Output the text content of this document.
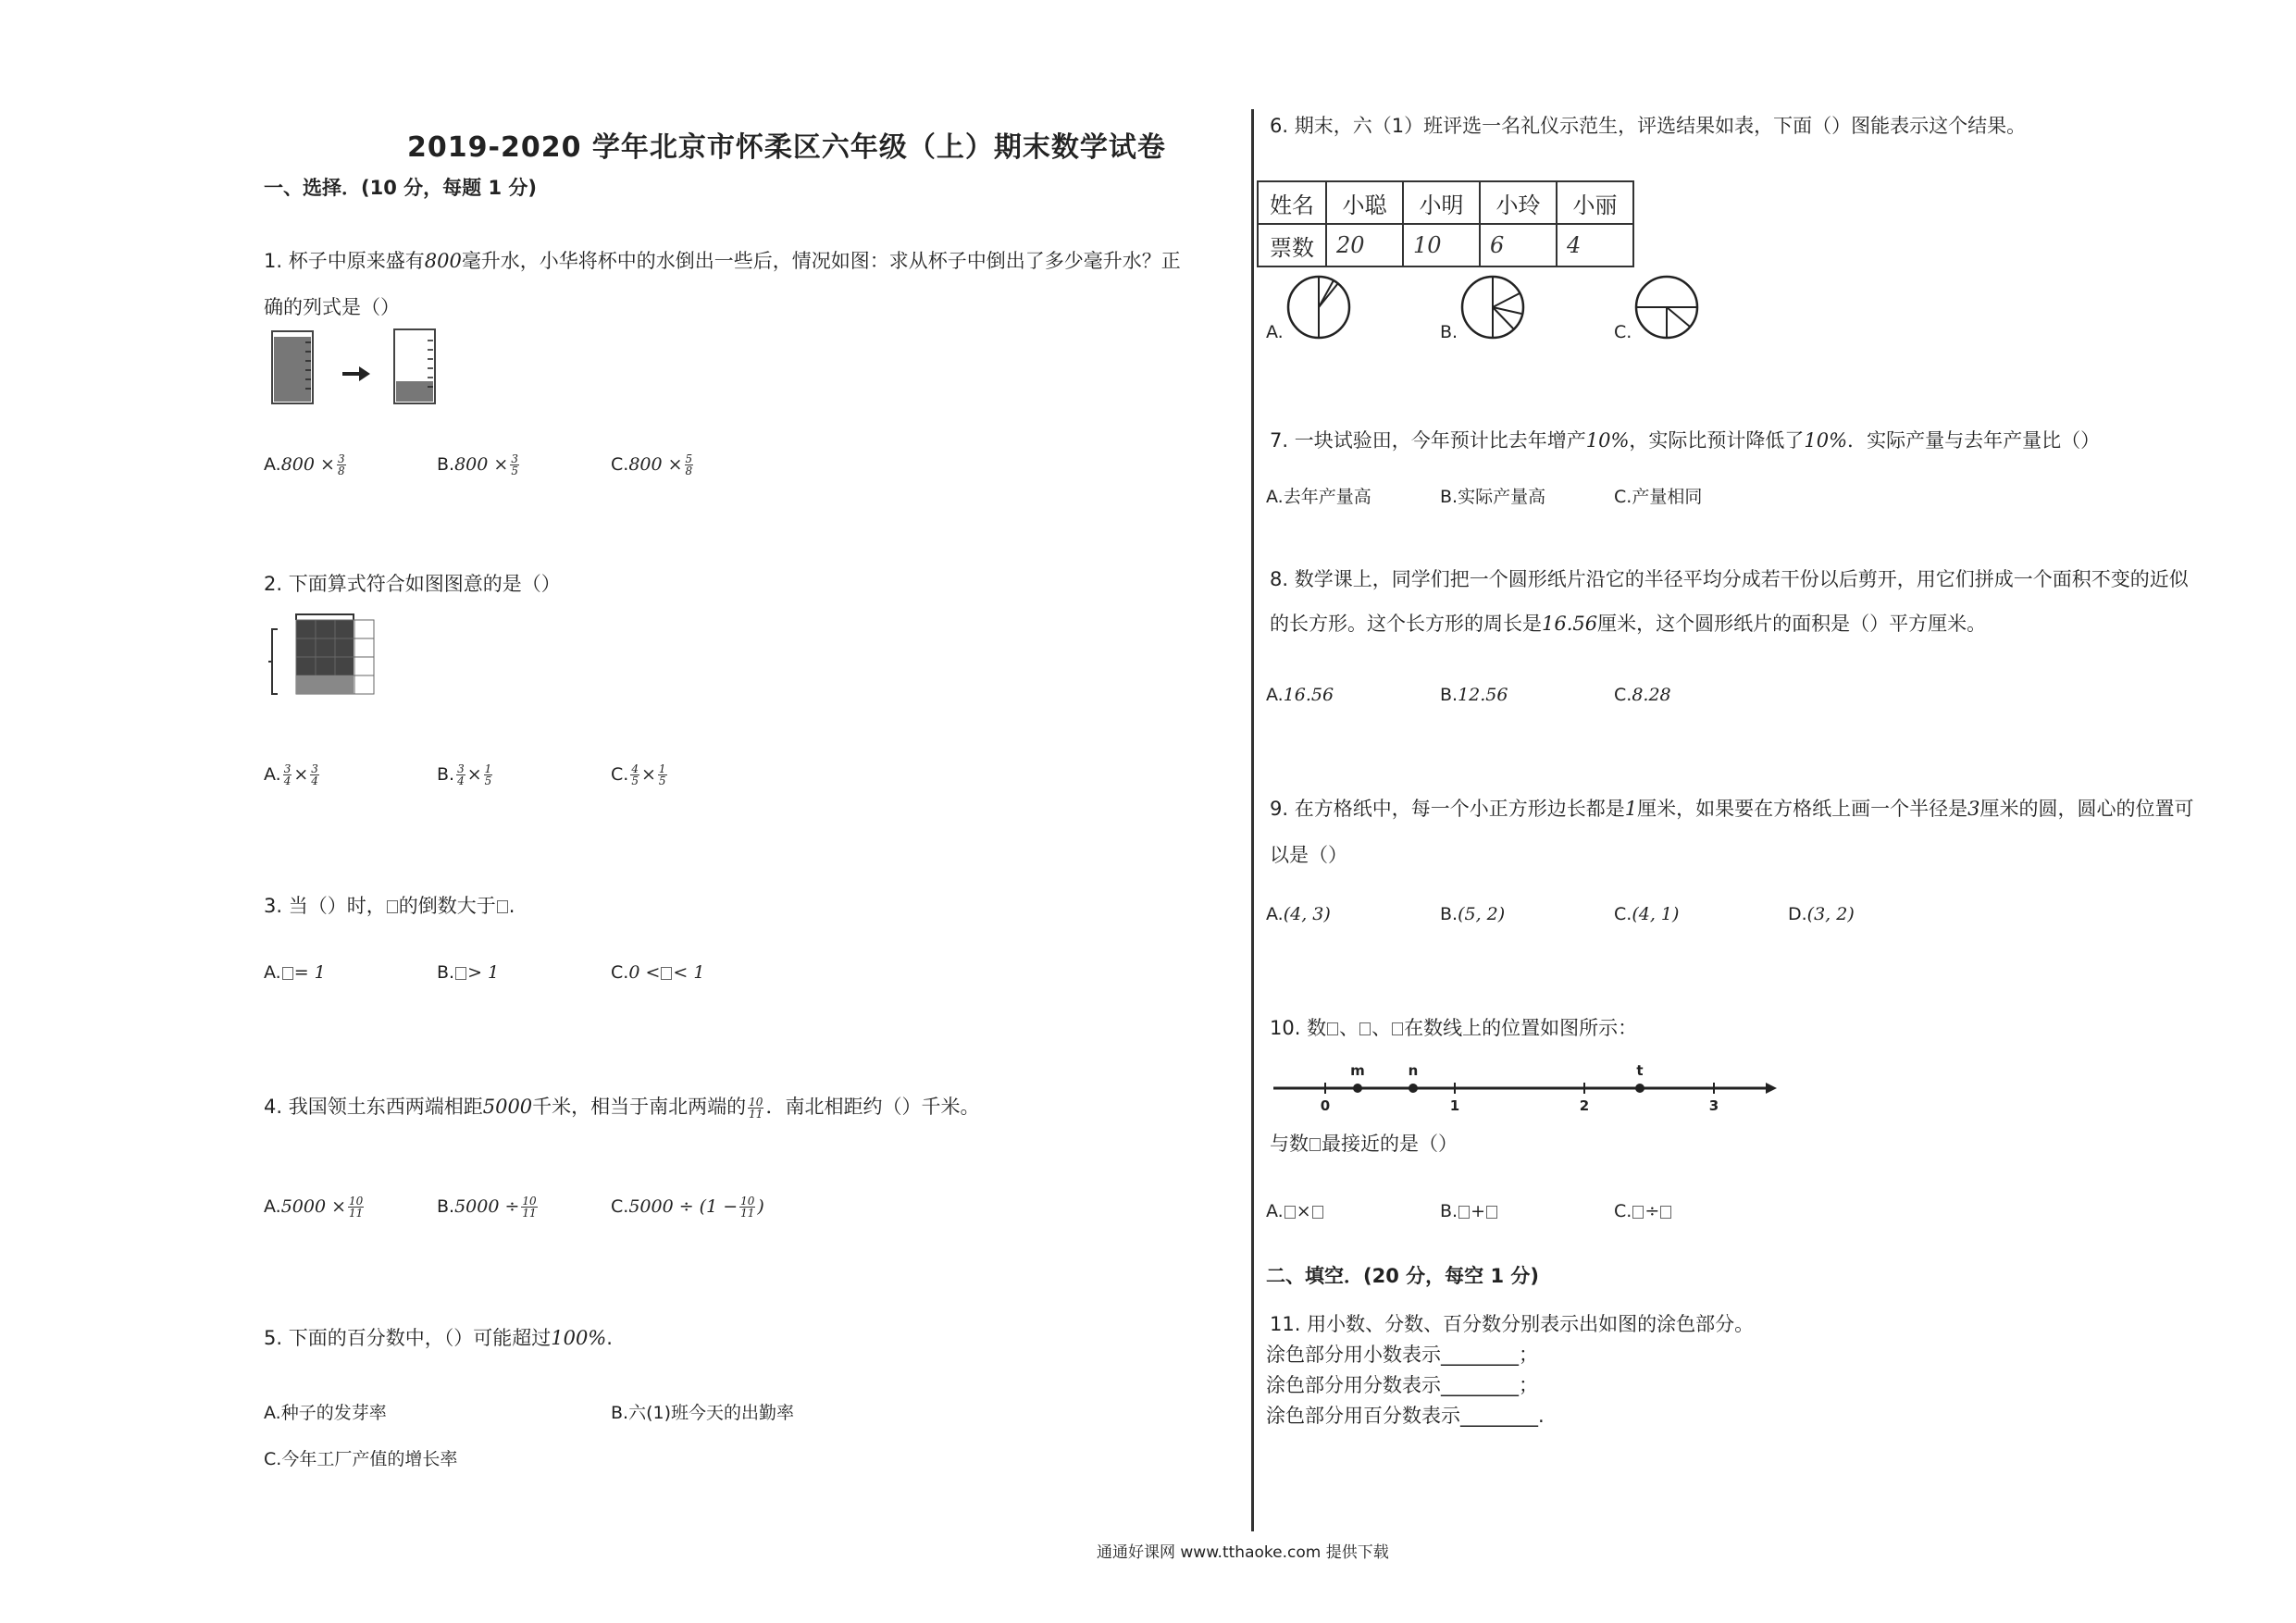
2019-2020 学年北京市怀柔区六年级（上）期末数学试卷
一、选择．(10 分，每题 1 分)
1. 杯子中原来盛有800毫升水，小华将杯中的水倒出一些后，情况如图：求从杯子中倒出了多少毫升水？正
确的列式是（）
$A.800 \times \frac{3}{8}$	$B.800 \times \frac{3}{5}$	$C.800 \times \frac{5}{8}$
2. 下面算式符合如图图意的是（）
A. $\frac{3}{4} \times \frac{3}{4}$	B. $\frac{3}{4} \times \frac{1}{5}$	C. $\frac{4}{5} \times \frac{1}{5}$
3. 当（）时， 的倒数大于 .
A. = 1	B. > 1	C.0 < < 1
4. 我国领土东西两端相距5000千米，相当于南北两端的 $\frac{10}{11}$ ．南北相距约（）千米。
$A.5000 \times \frac{10}{11}$	$B.5000 \div \frac{10}{11}$	$C.5000 \div (1 - \frac{10}{11}$ )
5. 下面的百分数中，（）可能超过100%.
A.种子的发芽率	B.六(1)班今天的出勤率
C.今年工厂产值的增长率
6. 期末，六（1）班评选一名礼仪示范生，评选结果如表，下面（）图能表示这个结果。
姓名	小聪	小明	小玲	小丽
票数	20	10	6	4
A.	B.	C.
7. 一块试验田，今年预计比去年增产10%，实际比预计降低了10%．实际产量与去年产量比（）
A.去年产量高	B.实际产量高	C.产量相同
8. 数学课上，同学们把一个圆形纸片沿它的半径平均分成若干份以后剪开，用它们拼成一个面积不变的近似
的长方形。这个长方形的周长是16.56厘米，这个圆形纸片的面积是（）平方厘米。
A.16.56	B.12.56	C.8.28
9. 在方格纸中，每一个小正方形边长都是1厘米，如果要在方格纸上画一个半径是3厘米的圆，圆心的位置可
以是（）
A.(4, 3)	B.(5, 2)	C.(4, 1)	D.(3, 2)
10. 数 、 、 在数线上的位置如图所示：
0	1	2	3
m	n	t
与数 最接近的是（）
A. ×	B. +	C. ÷
二、填空．(20 分，每空 1 分)
11. 用小数、分数、百分数分别表示出如图的涂色部分。
涂色部分用小数表示________；
涂色部分用分数表示________；
涂色部分用百分数表示________.
通通好课网 www.tthaoke.com 提供下载
